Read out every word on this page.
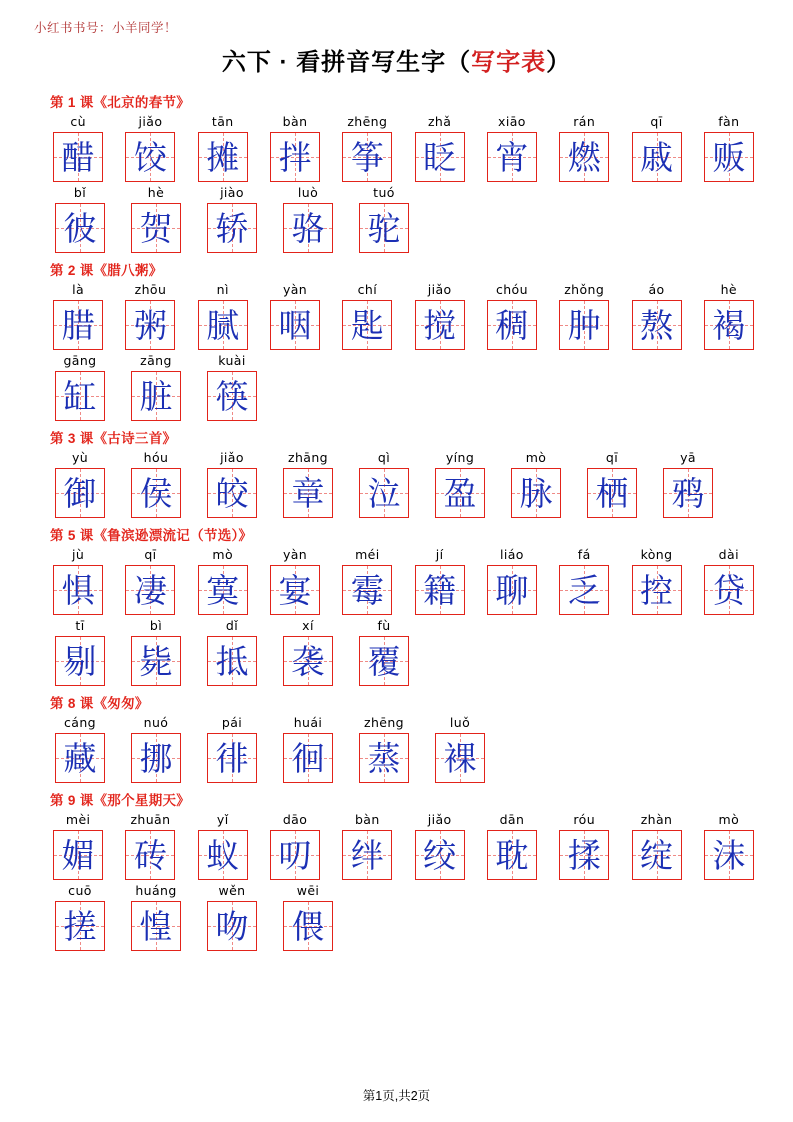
小红书书号：小羊同学！
六下 · 看拼音写生字（写字表）
第 1 课《北京的春节》
cù
醋
jiǎo
饺
tān
摊
bàn
拌
zhēng
筝
zhǎ
眨
xiāo
宵
rán
燃
qī
戚
fàn
贩
bǐ
彼
hè
贺
jiào
轿
luò
骆
tuó
驼
第 2 课《腊八粥》
là
腊
zhōu
粥
nì
腻
yàn
咽
chí
匙
jiǎo
搅
chóu
稠
zhǒng
肿
áo
熬
hè
褐
gāng
缸
zāng
脏
kuài
筷
第 3 课《古诗三首》
yù
御
hóu
侯
jiǎo
皎
zhāng
章
qì
泣
yíng
盈
mò
脉
qī
栖
yā
鸦
第 5 课《鲁滨逊漂流记（节选）》
jù
惧
qī
凄
mò
寞
yàn
宴
méi
霉
jí
籍
liáo
聊
fá
乏
kòng
控
dài
贷
tī
剔
bì
毙
dǐ
抵
xí
袭
fù
覆
第 8 课《匆匆》
cáng
藏
nuó
挪
pái
徘
huái
徊
zhēng
蒸
luǒ
裸
第 9 课《那个星期天》
mèi
媚
zhuān
砖
yǐ
蚁
dāo
叨
bàn
绊
jiǎo
绞
dān
耽
róu
揉
zhàn
绽
mò
沫
cuō
搓
huáng
惶
wěn
吻
wēi
偎
第1页,共2页
